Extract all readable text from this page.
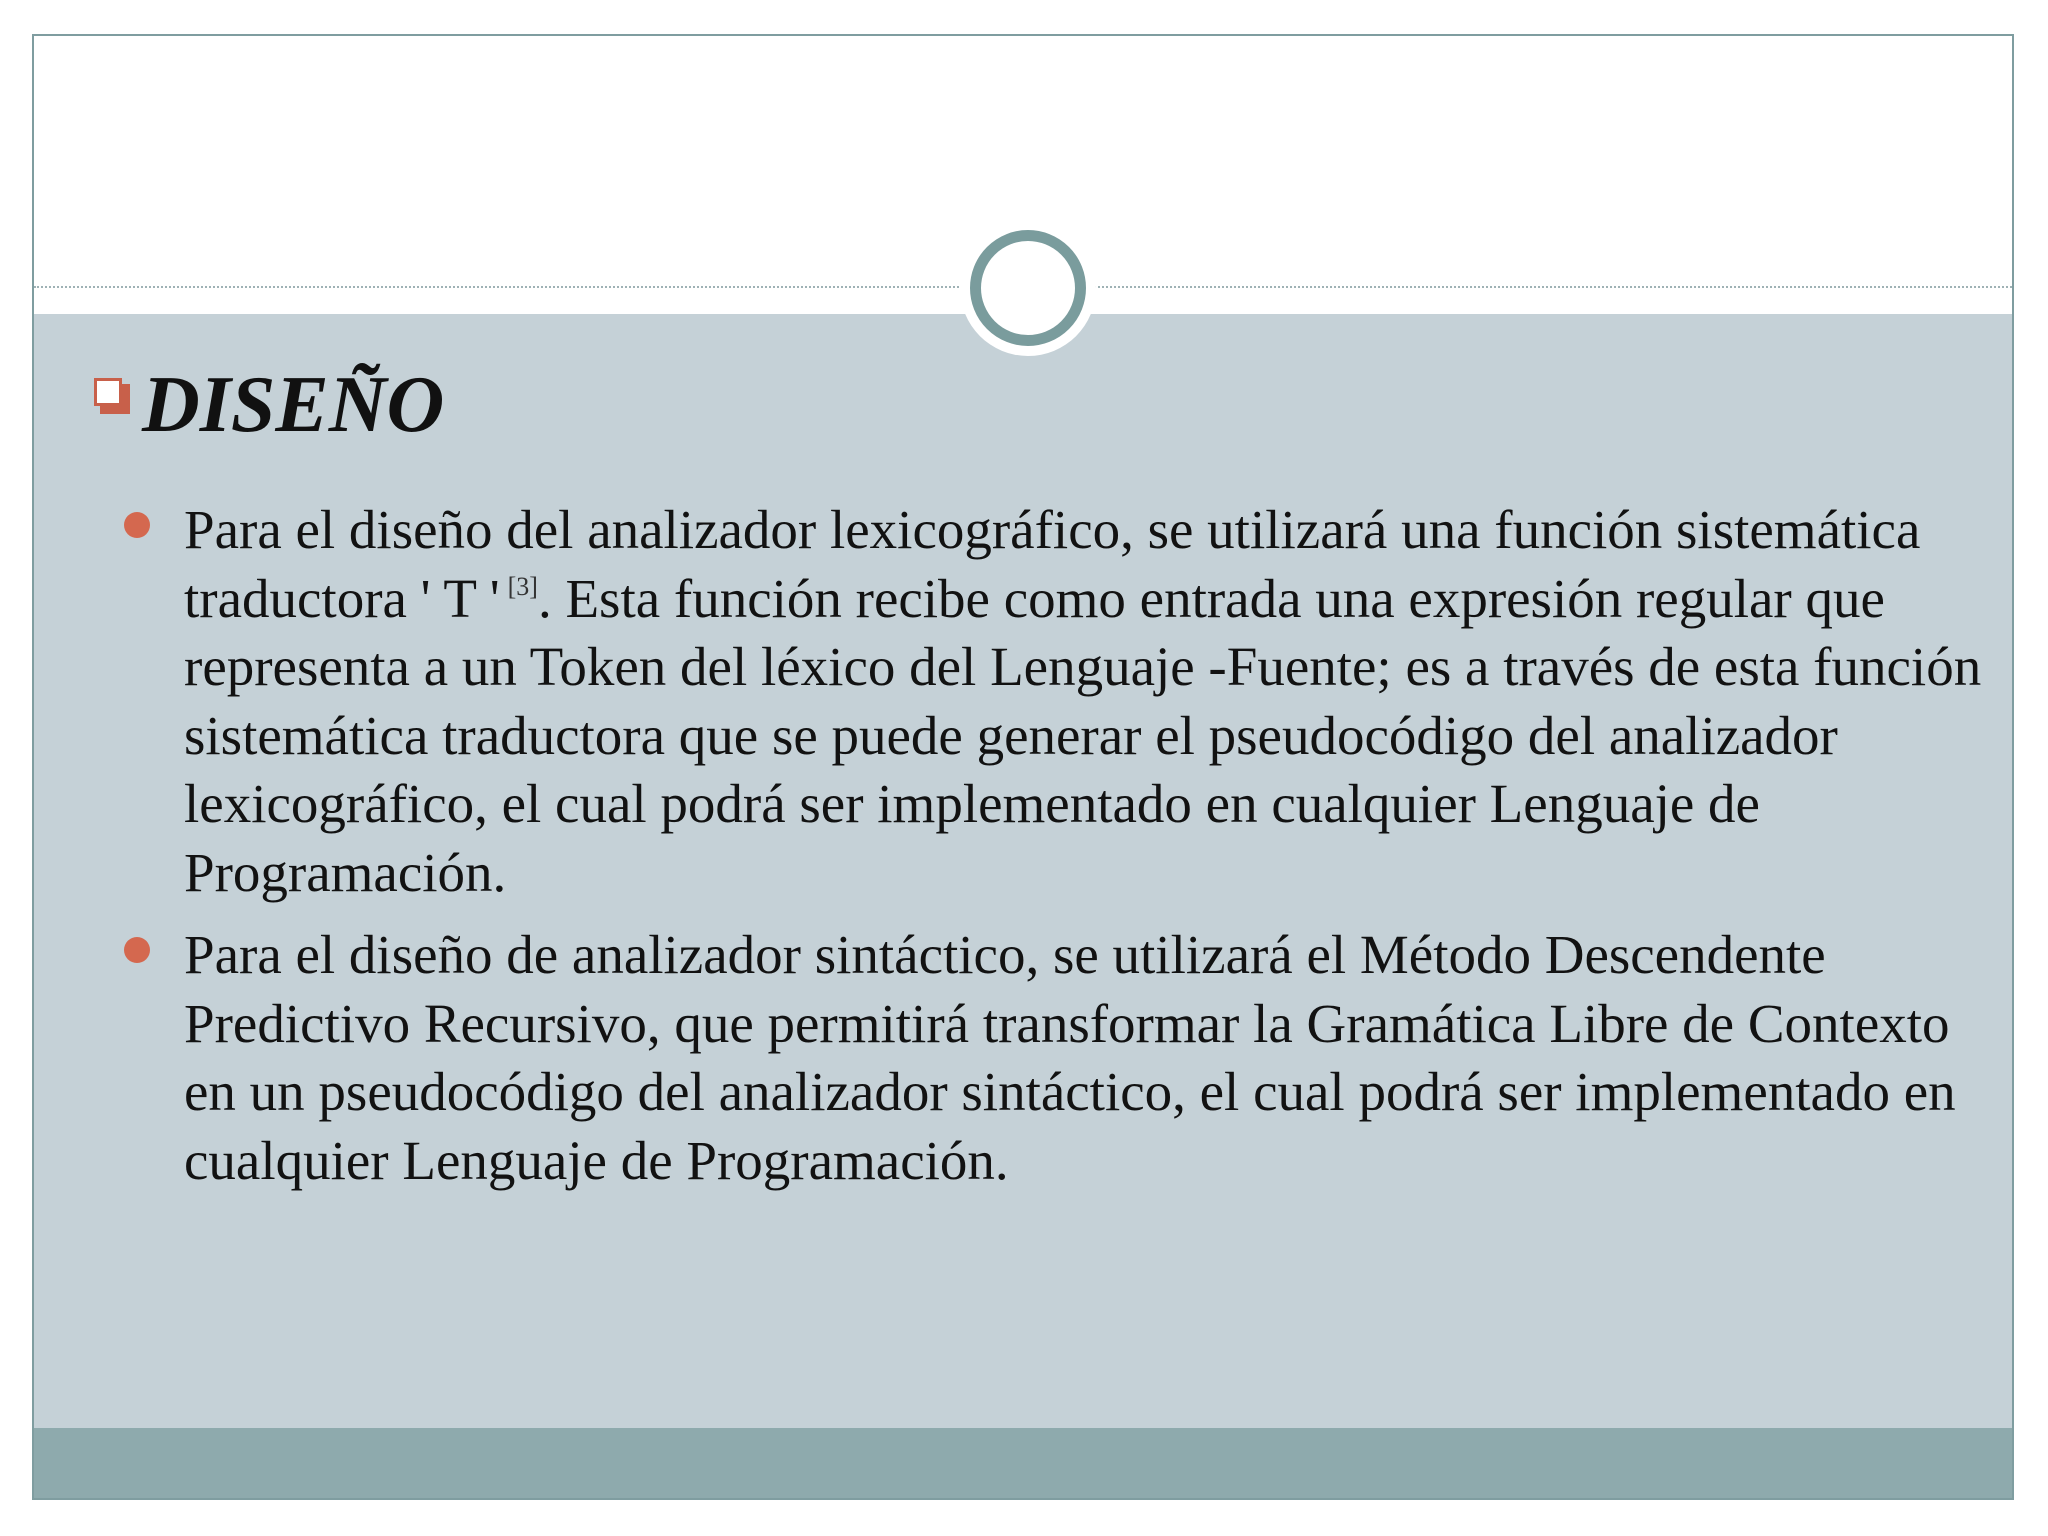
DISEÑO
Para el diseño del analizador lexicográfico, se utilizará una función sistemática traductora ' T ' [3]. Esta función recibe como entrada una expresión regular que representa a un Token del léxico del Lenguaje -Fuente; es a través de esta función sistemática traductora que se puede generar el pseudocódigo del analizador lexicográfico, el cual podrá ser implementado en cualquier Lenguaje de Programación.
Para el diseño de analizador sintáctico, se utilizará el Método Descendente Predictivo Recursivo, que permitirá transformar la Gramática Libre de Contexto en un pseudocódigo del analizador sintáctico, el cual podrá ser implementado en cualquier Lenguaje de Programación.
